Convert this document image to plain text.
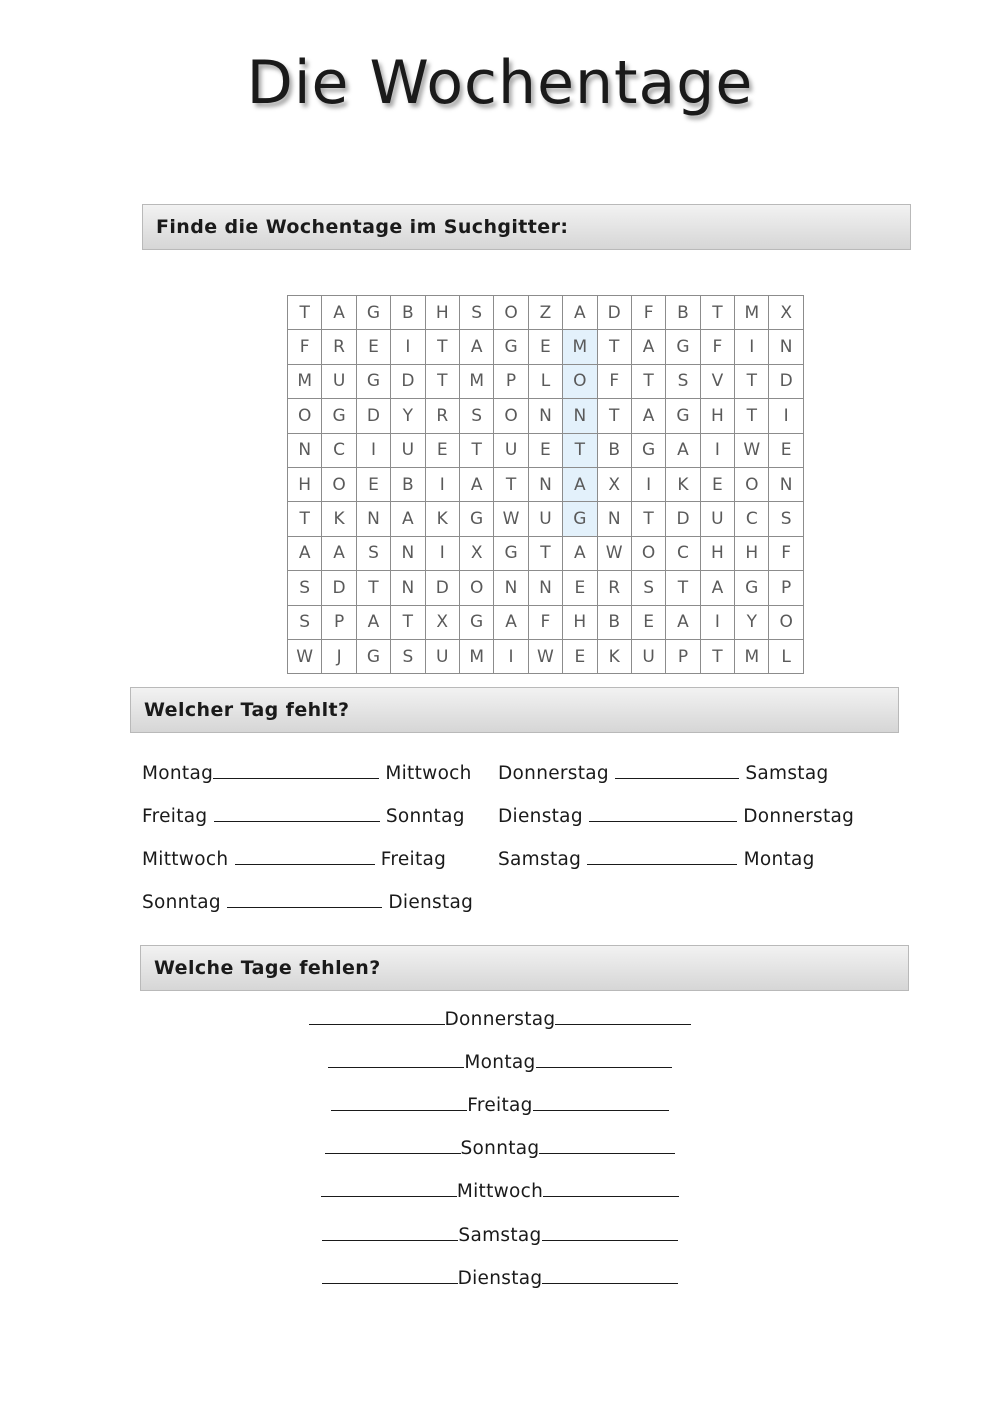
Die Wochentage
Finde die Wochentage im Suchgitter:
T	A	G	B	H	S	O	Z	A	D	F	B	T	M	X
F	R	E	I	T	A	G	E	M	T	A	G	F	I	N
M	U	G	D	T	M	P	L	O	F	T	S	V	T	D
O	G	D	Y	R	S	O	N	N	T	A	G	H	T	I
N	C	I	U	E	T	U	E	T	B	G	A	I	W	E
H	O	E	B	I	A	T	N	A	X	I	K	E	O	N
T	K	N	A	K	G	W	U	G	N	T	D	U	C	S
A	A	S	N	I	X	G	T	A	W	O	C	H	H	F
S	D	T	N	D	O	N	N	E	R	S	T	A	G	P
S	P	A	T	X	G	A	F	H	B	E	A	I	Y	O
W	J	G	S	U	M	I	W	E	K	U	P	T	M	L
Welcher Tag fehlt?
Montag	Mittwoch
Freitag	Sonntag
Mittwoch	Freitag
Sonntag	Dienstag
Donnerstag	Samstag
Dienstag	Donnerstag
Samstag	Montag
Welche Tage fehlen?
Donnerstag
Montag
Freitag
Sonntag
Mittwoch
Samstag
Dienstag
